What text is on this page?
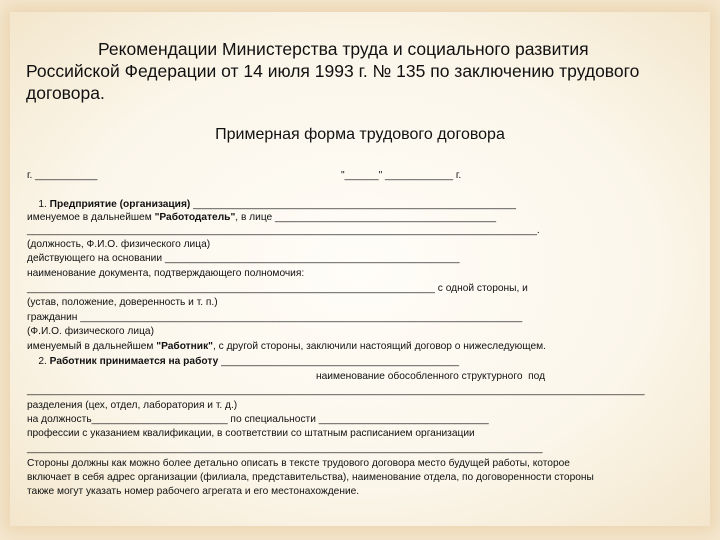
Рекомендации Министерства труда и социального развития
Российской Федерации от 14 июля 1993 г. № 135 по заключению трудового
договора.
Примерная форма трудового договора
г. ___________	"______" ____________ г.
1. Предприятие (организация) _________________________________________________________
именуемое в дальнейшем "Работодатель", в лице _______________________________________
__________________________________________________________________________________________.
(должность, Ф.И.О. физического лица)
действующего на основании ____________________________________________________
наименование документа, подтверждающего полномочия:
________________________________________________________________________ с одной стороны, и
(устав, положение, доверенность и т. п.)
гражданин ______________________________________________________________________________
(Ф.И.О. физического лица)
именуемый в дальнейшем "Работник", с другой стороны, заключили настоящий договор о нижеследующем.
2. Работник принимается на работу __________________________________________
наименование обособленного структурного  под
_____________________________________________________________________________________________________________
разделения (цех, отдел, лаборатория и т. д.)
на должность________________________ по специальности ______________________________
профессии с указанием квалификации, в соответствии со штатным расписанием организации
___________________________________________________________________________________________
Стороны должны как можно более детально описать в тексте трудового договора место будущей работы, которое
включает в себя адрес организации (филиала, представительства), наименование отдела, по договоренности стороны
также могут указать номер рабочего агрегата и его местонахождение.
